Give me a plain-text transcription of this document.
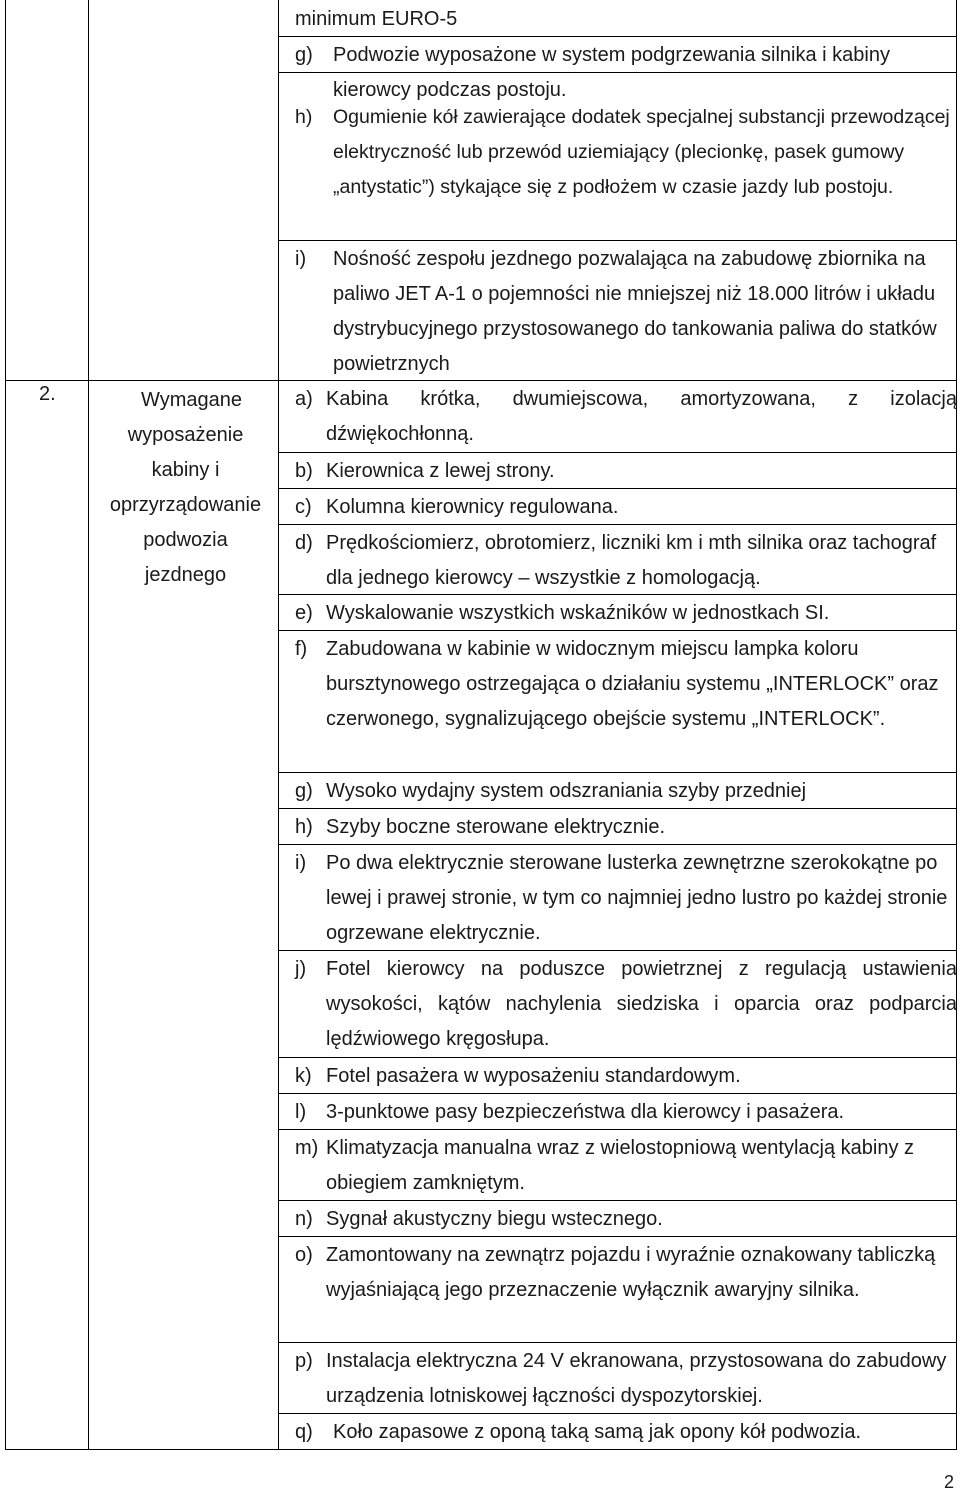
2.	Wymagane
wyposażenie
kabiny i
oprzyrządowanie
podwozia
jezdnego
minimum EURO-5
g) Podwozie wyposażone w system podgrzewania silnika i kabiny kierowcy podczas postoju.
h) Ogumienie kół zawierające dodatek specjalnej substancji przewodzącej elektryczność lub przewód uziemiający (plecionkę, pasek gumowy „antystatic”) stykające się z podłożem w czasie jazdy lub postoju.
i) Nośność zespołu jezdnego pozwalająca na zabudowę zbiornika na paliwo JET A-1 o pojemności nie mniejszej niż 18.000 litrów i układu dystrybucyjnego przystosowanego do tankowania paliwa do statków powietrznych
a) Kabina krótka, dwumiejscowa, amortyzowana, z izolacją dźwiękochłonną.
b) Kierownica z lewej strony.
c) Kolumna kierownicy regulowana.
d) Prędkościomierz, obrotomierz, liczniki km i mth silnika oraz tachograf dla jednego kierowcy – wszystkie z homologacją.
e) Wyskalowanie wszystkich wskaźników w jednostkach SI.
f) Zabudowana w kabinie w widocznym miejscu lampka koloru bursztynowego ostrzegająca o działaniu systemu „INTERLOCK” oraz czerwonego, sygnalizującego obejście systemu „INTERLOCK”.
g) Wysoko wydajny system odszraniania szyby przedniej
h) Szyby boczne sterowane elektrycznie.
i) Po dwa elektrycznie sterowane lusterka zewnętrzne szerokokątne po lewej i prawej stronie, w tym co najmniej jedno lustro po każdej stronie ogrzewane elektrycznie.
j) Fotel kierowcy na poduszce powietrznej z regulacją ustawienia wysokości, kątów nachylenia siedziska i oparcia oraz podparcia lędźwiowego kręgosłupa.
k) Fotel pasażera w wyposażeniu standardowym.
l) 3-punktowe pasy bezpieczeństwa dla kierowcy i pasażera.
m) Klimatyzacja manualna wraz z wielostopniową wentylacją kabiny z obiegiem zamkniętym.
n) Sygnał akustyczny biegu wstecznego.
o) Zamontowany na zewnątrz pojazdu i wyraźnie oznakowany tabliczką wyjaśniającą jego przeznaczenie wyłącznik awaryjny silnika.
p) Instalacja elektryczna 24 V ekranowana, przystosowana do zabudowy urządzenia lotniskowej łączności dyspozytorskiej.
q) Koło zapasowe z oponą taką samą jak opony kół podwozia.
2
